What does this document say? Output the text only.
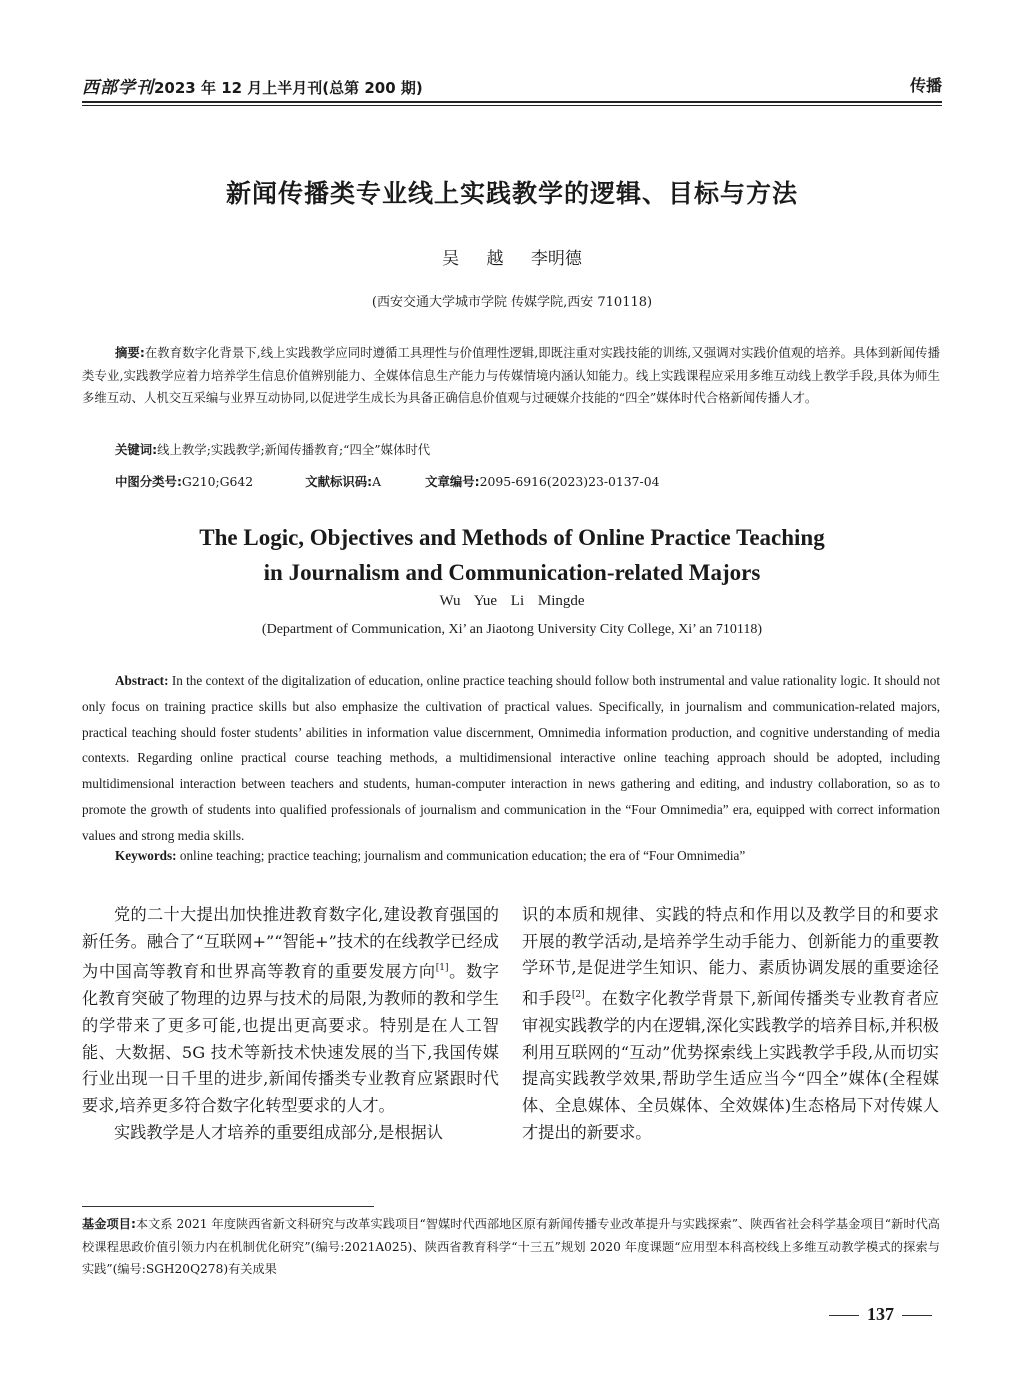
西部学刊2023 年 12 月上半月刊(总第 200 期)	传播
新闻传播类专业线上实践教学的逻辑、目标与方法
吴 越 李明德
(西安交通大学城市学院 传媒学院,西安 710118)
摘要:在教育数字化背景下,线上实践教学应同时遵循工具理性与价值理性逻辑,即既注重对实践技能的训练,又强调对实践价值观的培养。具体到新闻传播类专业,实践教学应着力培养学生信息价值辨别能力、全媒体信息生产能力与传媒情境内涵认知能力。线上实践课程应采用多维互动线上教学手段,具体为师生多维互动、人机交互采编与业界互动协同,以促进学生成长为具备正确信息价值观与过硬媒介技能的“四全”媒体时代合格新闻传播人才。
关键词:线上教学;实践教学;新闻传播教育;“四全”媒体时代
中图分类号:G210;G642	文献标识码:A	文章编号:2095-6916(2023)23-0137-04
The Logic, Objectives and Methods of Online Practice Teaching
in Journalism and Communication-related Majors
Wu Yue Li Mingde
(Department of Communication, Xi’ an Jiaotong University City College, Xi’ an 710118)
Abstract: In the context of the digitalization of education, online practice teaching should follow both instrumental and value rationality logic. It should not only focus on training practice skills but also emphasize the cultivation of practical values. Specifically, in journalism and communication-related majors, practical teaching should foster students’ abilities in information value discernment, Omnimedia information production, and cognitive understanding of media contexts. Regarding online practical course teaching methods, a multidimensional interactive online teaching approach should be adopted, including multidimensional interaction between teachers and students, human-computer interaction in news gathering and editing, and industry collaboration, so as to promote the growth of students into qualified professionals of journalism and communication in the “Four Omnimedia” era, equipped with correct information values and strong media skills.
Keywords: online teaching; practice teaching; journalism and communication education; the era of “Four Omnimedia”

党的二十大提出加快推进教育数字化,建设教育强国的新任务。融合了“互联网+”“智能+”技术的在线教学已经成为中国高等教育和世界高等教育的重要发展方向[1]。数字化教育突破了物理的边界与技术的局限,为教师的教和学生的学带来了更多可能,也提出更高要求。特别是在人工智能、大数据、5G 技术等新技术快速发展的当下,我国传媒行业出现一日千里的进步,新闻传播类专业教育应紧跟时代要求,培养更多符合数字化转型要求的人才。

实践教学是人才培养的重要组成部分,是根据认

识的本质和规律、实践的特点和作用以及教学目的和要求开展的教学活动,是培养学生动手能力、创新能力的重要教学环节,是促进学生知识、能力、素质协调发展的重要途径和手段[2]。在数字化教学背景下,新闻传播类专业教育者应审视实践教学的内在逻辑,深化实践教学的培养目标,并积极利用互联网的“互动”优势探索线上实践教学手段,从而切实提高实践教学效果,帮助学生适应当今“四全”媒体(全程媒体、全息媒体、全员媒体、全效媒体)生态格局下对传媒人才提出的新要求。

基金项目:本文系 2021 年度陕西省新文科研究与改革实践项目“智媒时代西部地区原有新闻传播专业改革提升与实践探索”、陕西省社会科学基金项目“新时代高校课程思政价值引领力内在机制优化研究”(编号:2021A025)、陕西省教育科学“十三五”规划 2020 年度课题“应用型本科高校线上多维互动教学模式的探索与实践”(编号:SGH20Q278)有关成果
137
